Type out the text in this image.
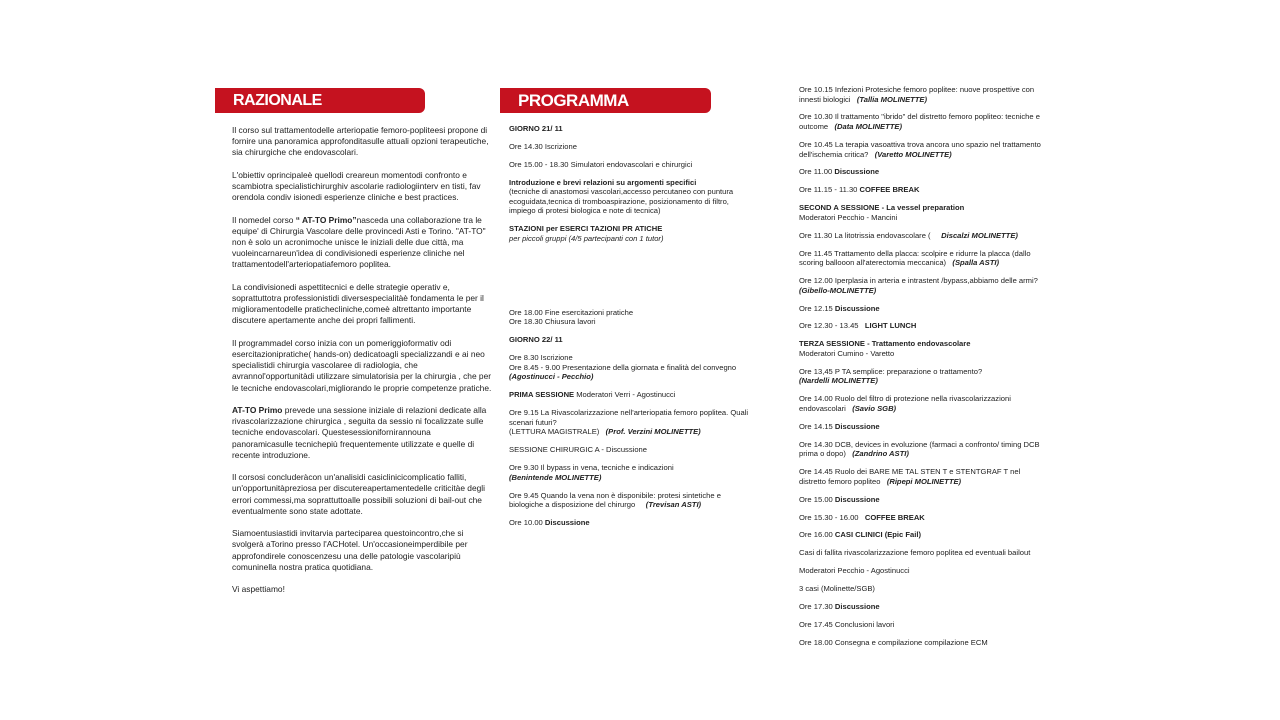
RAZIONALE	PROGRAMMA

Il corso sul trattamentodelle arteriopatie femoro-popliteesi propone di fornire una panoramica approfonditasulle attuali opzioni terapeutiche, sia chirurgiche che endovascolari.

L'obiettiv oprincipaleè quellodi creareun momentodi confronto e scambiotra specialistichirurghiv ascolarie radiologiinterv en tisti, fav orendola condiv isionedi esperienze cliniche e best practices.

Il nomedel corso “ AT-TO Primo”nasceda una collaborazione tra le equipe' di Chirurgia Vascolare delle provincedi Asti e Torino. "AT-TO" non è solo un acronimoche unisce le iniziali delle due città, ma vuoleincarnareun'idea di condivisionedi esperienze cliniche nel trattamentodell'arteriopatiafemoro poplitea.

La condivisionedi aspettitecnici e delle strategie operativ e, soprattuttotra professionistidi diversespecialitàè fondamenta le per il miglioramentodelle pratichecliniche,comeè altrettanto importante discutere apertamente anche dei propri fallimenti.

Il programmadel corso inizia con un pomeriggioformativ odi esercitazionipratiche( hands-on) dedicatoagli specializzandi e ai neo specialistidi chirurgia vascolaree di radiologia, che avrannol'opportunitàdi utilizzare simulatorisia per la chirurgia , che per le tecniche endovascolari,migliorando le proprie competenze pratiche.

AT-TO Primo prevede una sessione iniziale di relazioni dedicate alla rivascolarizzazione chirurgica , seguita da sessio ni focalizzate sulle tecniche endovascolari. Questesessionifornirannouna panoramicasulle tecnichepiù frequentemente utilizzate e quelle di recente introduzione.

Il corsosi concluderàcon un'analisidi casiclinicicomplicatio falliti, un'opportunitàpreziosa per discutereapertamentedelle criticitàe degli errori commessi,ma soprattuttoalle possibili soluzioni di bail-out che eventualmente sono state adottate.

Siamoentusiastidi invitarvia parteciparea questoincontro,che si svolgerà aTorino presso l'ACHotel. Un'occasioneimperdibile per approfondirele conoscenzesu una delle patologie vascolaripiù comuninella nostra pratica quotidiana.

Vi aspettiamo!

GIORNO 21/ 11
Ore 14.30 Iscrizione
Ore 15.00 - 18.30 Simulatori endovascolari e chirurgici
Introduzione e brevi relazioni su argomenti specifici
(tecniche di anastomosi vascolari,accesso percutaneo con puntura ecoguidata,tecnica di tromboaspirazione, posizionamento di filtro, impiego di protesi biologica e note di tecnica)
STAZIONI per ESERCI TAZIONI PR ATICHE
per piccoli gruppi (4/5 partecipanti con 1 tutor)
Ore 18.00 Fine esercitazioni pratiche
Ore 18.30 Chiusura lavori
GIORNO 22/ 11
Ore 8.30 Iscrizione
Ore 8.45 - 9.00 Presentazione della giornata e finalità del convegno
(Agostinucci - Pecchio)
PRIMA SESSIONE Moderatori Verri - Agostinucci
Ore 9.15 La Rivascolarizzazione nell'arteriopatia femoro poplitea. Quali scenari futuri?
(LETTURA MAGISTRALE) (Prof. Verzini MOLINETTE)
SESSIONE CHIRURGIC A - Discussione
Ore 9.30 Il bypass in vena, tecniche e indicazioni
(Benintende MOLINETTE)
Ore 9.45 Quando la vena non è disponibile: protesi sintetiche e biologiche a disposizione del chirurgo (Trevisan ASTI)
Ore 10.00 Discussione
Ore 10.15 Infezioni Protesiche femoro poplitee: nuove prospettive con innesti biologici (Tallia MOLINETTE)
Ore 10.30 Il trattamento "ibrido" del distretto femoro popliteo: tecniche e outcome (Data MOLINETTE)
Ore 10.45 La terapia vasoattiva trova ancora uno spazio nel trattamento dell'ischemia critica? (Varetto MOLINETTE)
Ore 11.00 Discussione
Ore 11.15 - 11.30 COFFEE BREAK
SECOND A SESSIONE - La vessel preparation
Moderatori Pecchio - Mancini
Ore 11.30 La litotrissia endovascolare ( Discalzi MOLINETTE)
Ore 11.45 Trattamento della placca: scolpire e ridurre la placca (dallo scoring ballooon all'aterectomia meccanica) (Spalla ASTI)
Ore 12.00 Iperplasia in arteria e intrastent /bypass,abbiamo delle armi? (Gibello-MOLINETTE)
Ore 12.15 Discussione
Ore 12.30 - 13.45 LIGHT LUNCH
TERZA SESSIONE - Trattamento endovascolare
Moderatori Cumino - Varetto
Ore 13,45 P TA semplice: preparazione o trattamento?
(Nardelli MOLINETTE)
Ore 14.00 Ruolo del filtro di protezione nella rivascolarizzazioni endovascolari (Savio SGB)
Ore 14.15 Discussione
Ore 14.30 DCB, devices in evoluzione (farmaci a confronto/ timing DCB prima o dopo) (Zandrino ASTI)
Ore 14.45 Ruolo dei BARE ME TAL STEN T e STENTGRAF T nel distretto femoro popliteo (Ripepi MOLINETTE)
Ore 15.00 Discussione
Ore 15.30 - 16.00 COFFEE BREAK
Ore 16.00 CASI CLINICI (Epic Fail)
Casi di fallita rivascolarizzazione femoro poplitea ed eventuali bailout
Moderatori Pecchio - Agostinucci
3 casi (Molinette/SGB)
Ore 17.30 Discussione
Ore 17.45 Conclusioni lavori
Ore 18.00 Consegna e compilazione compilazione ECM
